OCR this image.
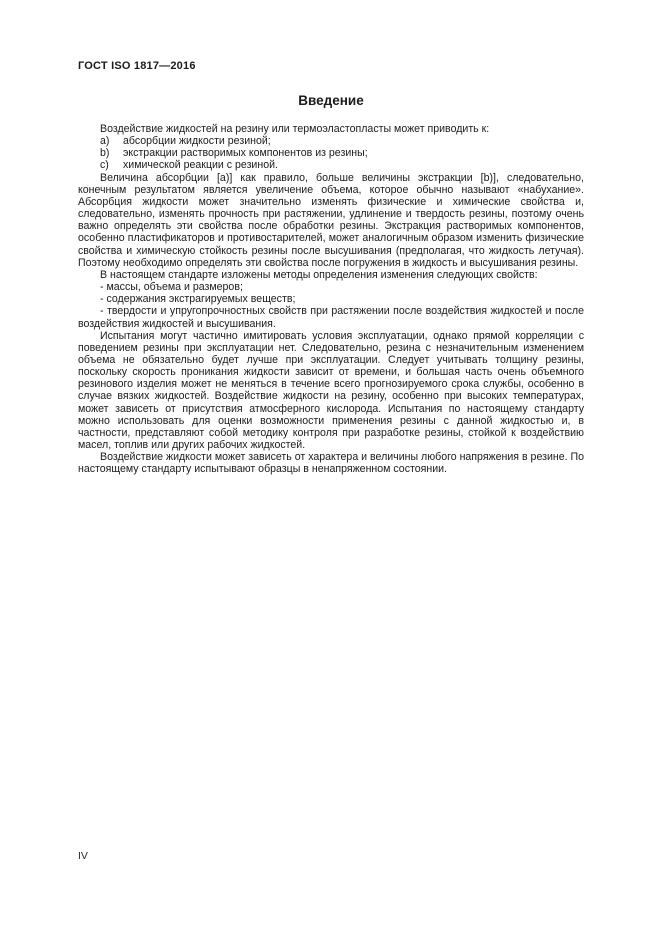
ГОСТ ISO 1817—2016
Введение

Воздействие жидкостей на резину или термоэластопласты может приводить к:

a)	абсорбции жидкости резиной;
b)	экстракции растворимых компонентов из резины;
c)	химической реакции с резиной.

Величина абсорбции [a)] как правило, больше величины экстракции [b)], следовательно, конечным результатом является увеличение объема, которое обычно называют «набухание». Абсорбция жидкости может значительно изменять физические и химические свойства и, следовательно, изменять прочность при растяжении, удлинение и твердость резины, поэтому очень важно определять эти свойства после обработки резины. Экстракция растворимых компонентов, особенно пластификаторов и противостарителей, может аналогичным образом изменить физические свойства и химическую стойкость резины после высушивания (предполагая, что жидкость летучая). Поэтому необходимо определять эти свойства после погружения в жидкость и высушивания резины.

В настоящем стандарте изложены методы определения изменения следующих свойств:

- массы, объема и размеров;

- содержания экстрагируемых веществ;

- твердости и упругопрочностных свойств при растяжении после воздействия жидкостей и после воздействия жидкостей и высушивания.

Испытания могут частично имитировать условия эксплуатации, однако прямой корреляции с поведением резины при эксплуатации нет. Следовательно, резина с незначительным изменением объема не обязательно будет лучше при эксплуатации. Следует учитывать толщину резины, поскольку скорость проникания жидкости зависит от времени, и большая часть очень объемного резинового изделия может не меняться в течение всего прогнозируемого срока службы, особенно в случае вязких жидкостей. Воздействие жидкости на резину, особенно при высоких температурах, может зависеть от присутствия атмосферного кислорода. Испытания по настоящему стандарту можно использовать для оценки возможности применения резины с данной жидкостью и, в частности, представляют собой методику контроля при разработке резины, стойкой к воздействию масел, топлив или других рабочих жидкостей.

Воздействие жидкости может зависеть от характера и величины любого напряжения в резине. По настоящему стандарту испытывают образцы в ненапряженном состоянии.

IV
